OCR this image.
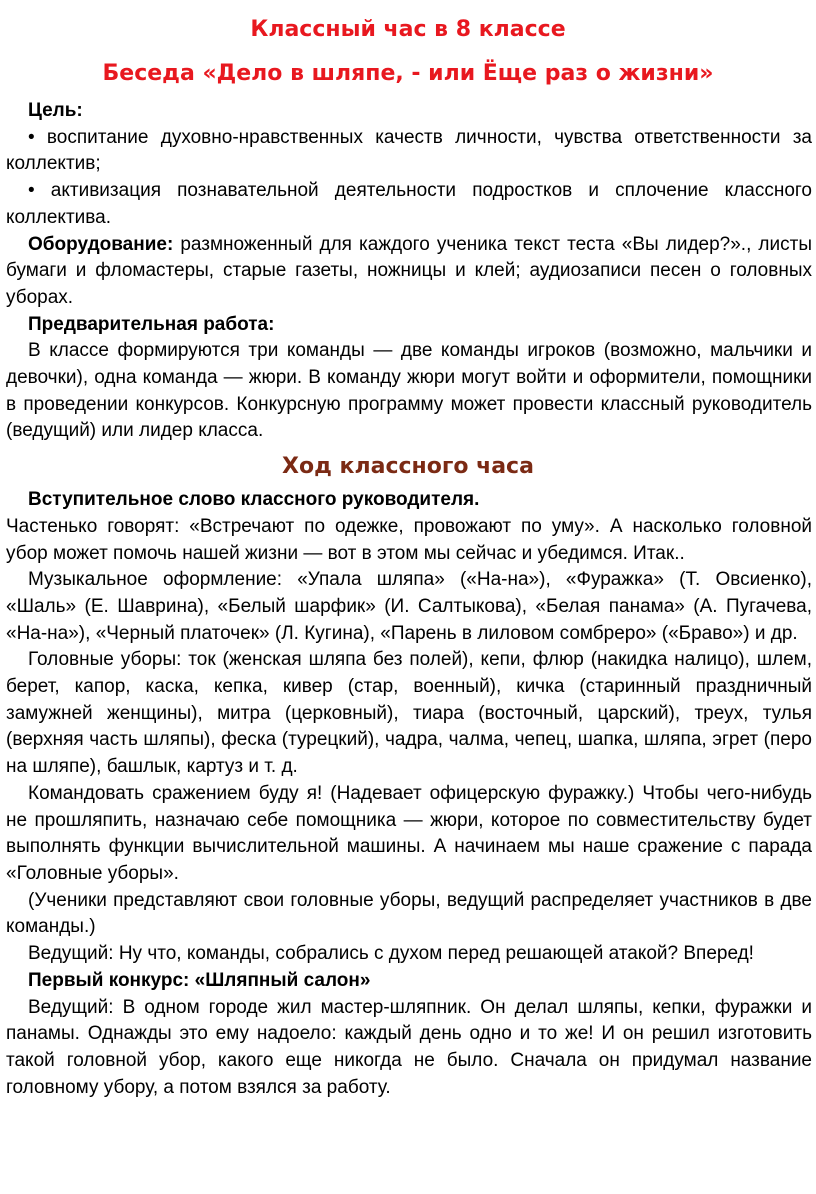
Классный час в 8 классе
Беседа «Дело в шляпе, - или Ёще раз о жизни»
Цель:

• воспитание духовно-нравственных качеств личности, чувства ответственности за коллектив;

• активизация познавательной деятельности подростков и сплочение классного коллектива.

Оборудование: размноженный для каждого ученика текст теста «Вы лидер?»., листы бумаги и фломастеры, старые газеты, ножницы и клей; аудиозаписи песен о головных уборах.

Предварительная работа:

В классе формируются три команды — две команды игроков (возможно, мальчики и девочки), одна команда — жюри. В команду жюри могут войти и оформители, помощники в проведении конкурсов. Конкурсную программу может провести классный руководитель (ведущий) или лидер класса.

Ход классного часа
Вступительное слово классного руководителя.

Частенько говорят: «Встречают по одежке, провожают по уму». А насколько головной убор может помочь нашей жизни — вот в этом мы сейчас и убедимся. Итак..

Музыкальное оформление: «Упала шляпа» («На-на»), «Фуражка» (Т. Овсиенко), «Шаль» (Е. Шаврина), «Белый шарфик» (И. Салтыкова), «Белая панама» (А. Пугачева, «На-на»), «Черный платочек» (Л. Кугина), «Парень в лиловом сомбреро» («Браво») и др.

Головные уборы: ток (женская шляпа без полей), кепи, флюр (накидка налицо), шлем, берет, капор, каска, кепка, кивер (стар, военный), кичка (старинный праздничный замужней женщины), митра (церковный), тиара (восточный, царский), треух, тулья (верхняя часть шляпы), феска (турецкий), чадра, чалма, чепец, шапка, шляпа, эгрет (перо на шляпе), башлык, картуз и т. д.

Командовать сражением буду я! (Надевает офицерскую фуражку.) Чтобы чего-нибудь не прошляпить, назначаю себе помощника — жюри, которое по совместительству будет выполнять функции вычислительной машины. А начинаем мы наше сражение с парада «Головные уборы».

(Ученики представляют свои головные уборы, ведущий распределяет участников в две команды.)

Ведущий: Ну что, команды, собрались с духом перед решающей атакой? Вперед!

Первый конкурс: «Шляпный салон»

Ведущий: В одном городе жил мастер-шляпник. Он делал шляпы, кепки, фуражки и панамы. Однажды это ему надоело: каждый день одно и то же! И он решил изготовить такой головной убор, какого еще никогда не было. Сначала он придумал название головному убору, а потом взялся за работу.
